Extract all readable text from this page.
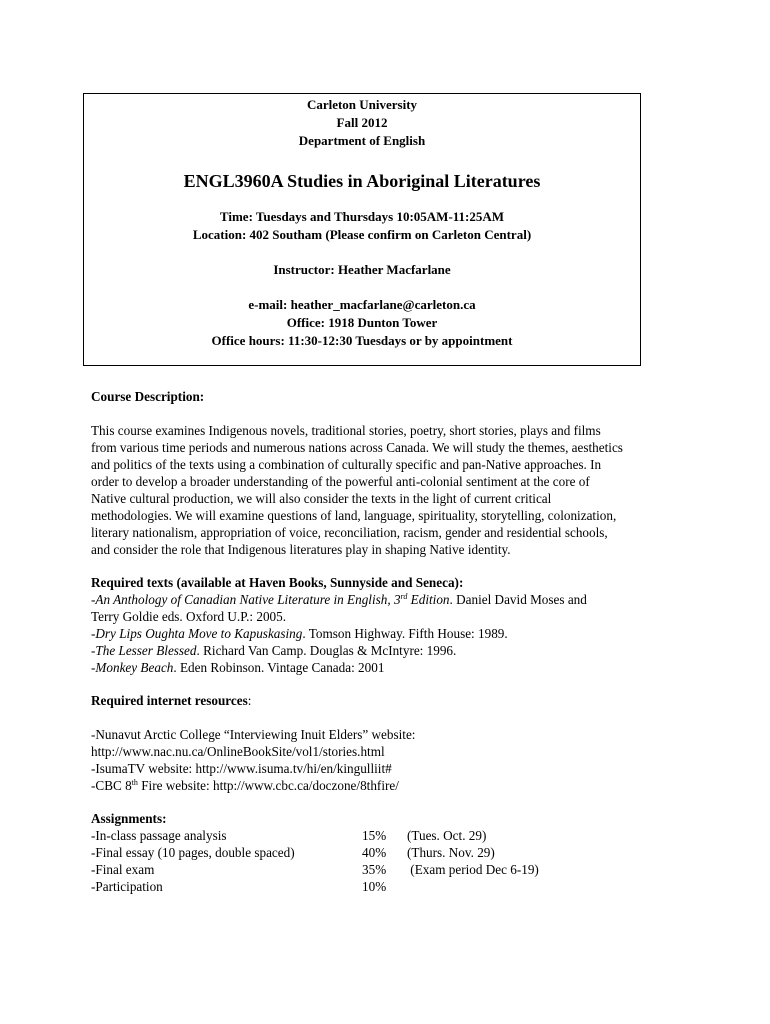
Carleton University
Fall 2012
Department of English
ENGL3960A Studies in Aboriginal Literatures
Time: Tuesdays and Thursdays 10:05AM-11:25AM
Location: 402 Southam (Please confirm on Carleton Central)
Instructor: Heather Macfarlane
e-mail: heather_macfarlane@carleton.ca
Office: 1918 Dunton Tower
Office hours: 11:30-12:30 Tuesdays or by appointment
Course Description:
This course examines Indigenous novels, traditional stories, poetry, short stories, plays and films
from various time periods and numerous nations across Canada. We will study the themes, aesthetics
and politics of the texts using a combination of culturally specific and pan-Native approaches. In
order to develop a broader understanding of the powerful anti-colonial sentiment at the core of
Native cultural production, we will also consider the texts in the light of current critical
methodologies. We will examine questions of land, language, spirituality, storytelling, colonization,
literary nationalism, appropriation of voice, reconciliation, racism, gender and residential schools,
and consider the role that Indigenous literatures play in shaping Native identity.
Required texts (available at Haven Books, Sunnyside and Seneca):
-An Anthology of Canadian Native Literature in English, 3rd Edition. Daniel David Moses and
Terry Goldie eds. Oxford U.P.: 2005.
-Dry Lips Oughta Move to Kapuskasing. Tomson Highway. Fifth House: 1989.
-The Lesser Blessed. Richard Van Camp. Douglas & McIntyre: 1996.
-Monkey Beach. Eden Robinson. Vintage Canada: 2001
Required internet resources:
-Nunavut Arctic College “Interviewing Inuit Elders” website:
http://www.nac.nu.ca/OnlineBookSite/vol1/stories.html
-IsumaTV website: http://www.isuma.tv/hi/en/kingulliit#
-CBC 8th Fire website: http://www.cbc.ca/doczone/8thfire/
Assignments:
-In-class passage analysis	15%	(Tues. Oct. 29)
-Final essay (10 pages, double spaced)	40%	(Thurs. Nov. 29)
-Final exam	35%	(Exam period Dec 6-19)
-Participation	10%
